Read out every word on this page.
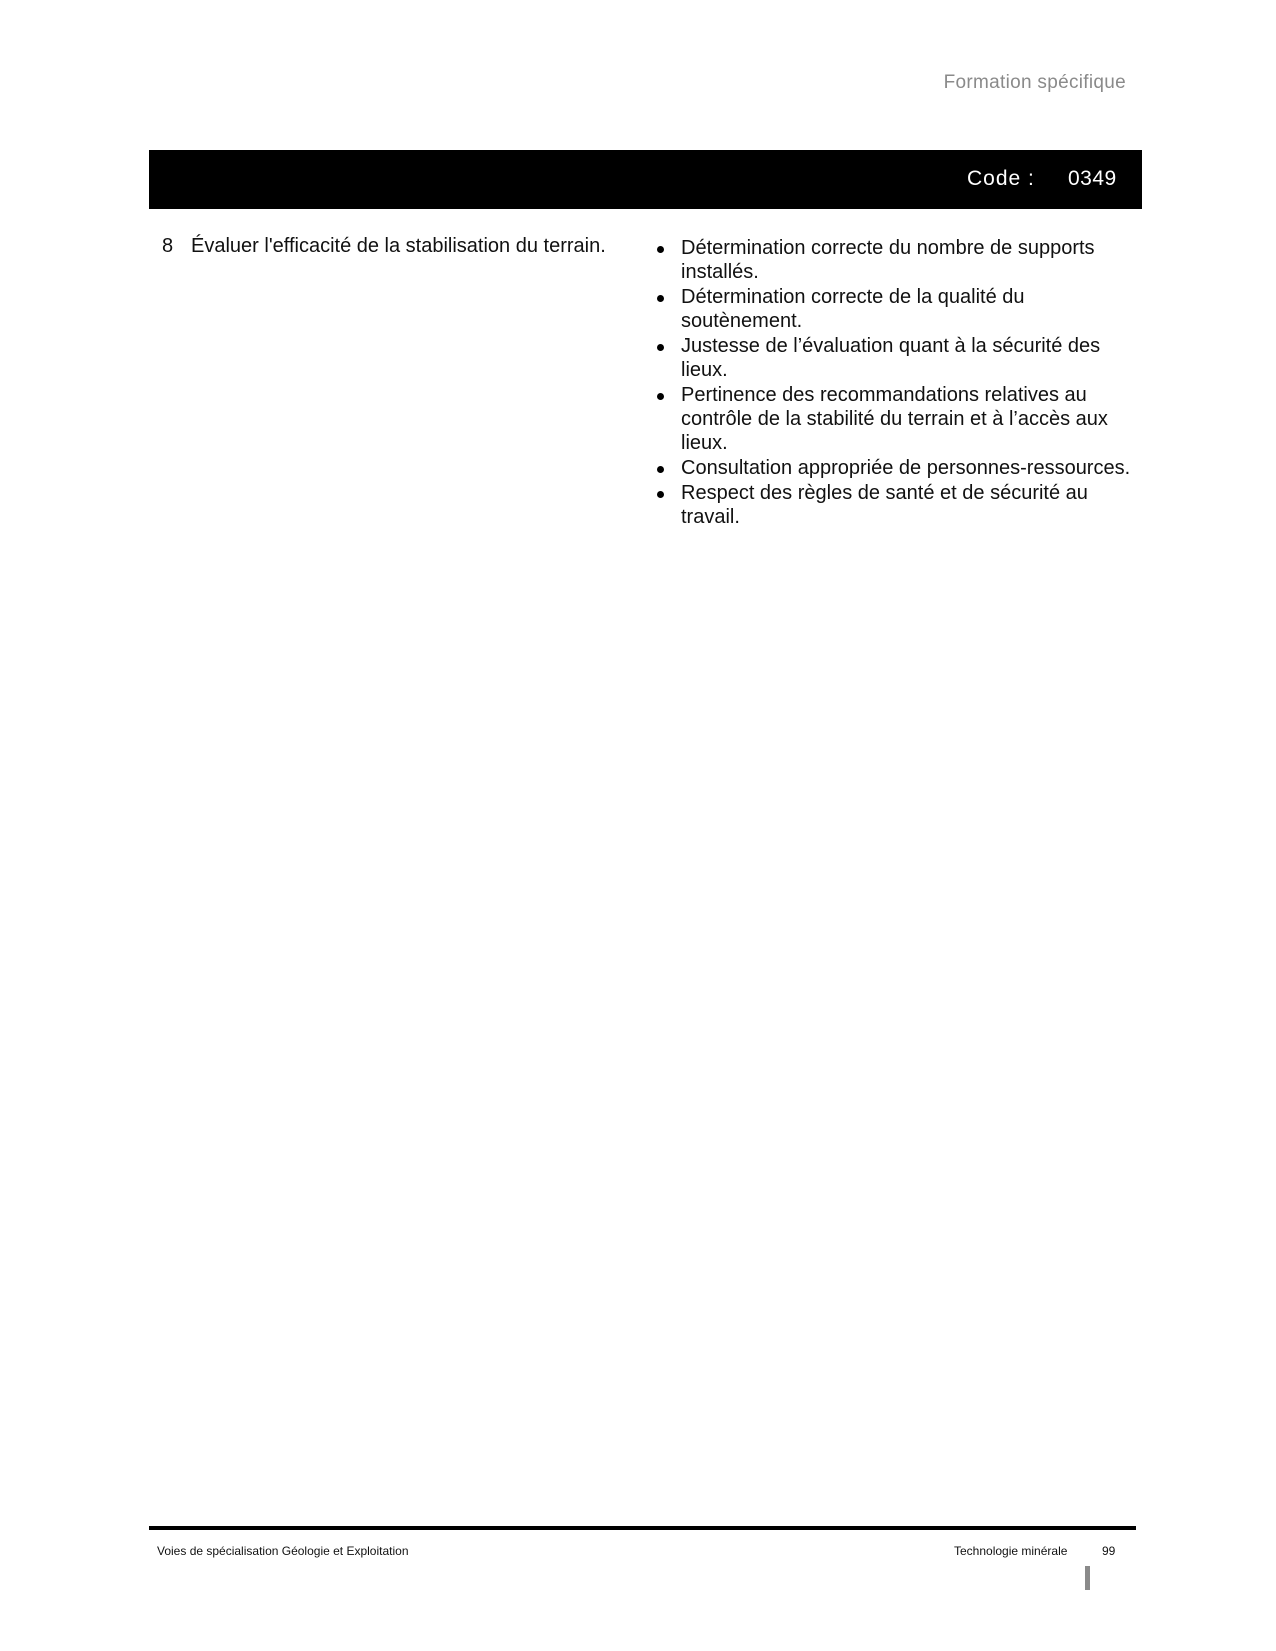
Formation spécifique
Code : 0349
8 Évaluer l'efficacité de la stabilisation du terrain.	Détermination correcte du nombre de supports installés.
Détermination correcte de la qualité du soutènement.
Justesse de l’évaluation quant à la sécurité des lieux.
Pertinence des recommandations relatives au contrôle de la stabilité du terrain et à l’accès aux lieux.
Consultation appropriée de personnes-ressources.
Respect des règles de santé et de sécurité au travail.
Voies de spécialisation Géologie et Exploitation	Technologie minérale	99
